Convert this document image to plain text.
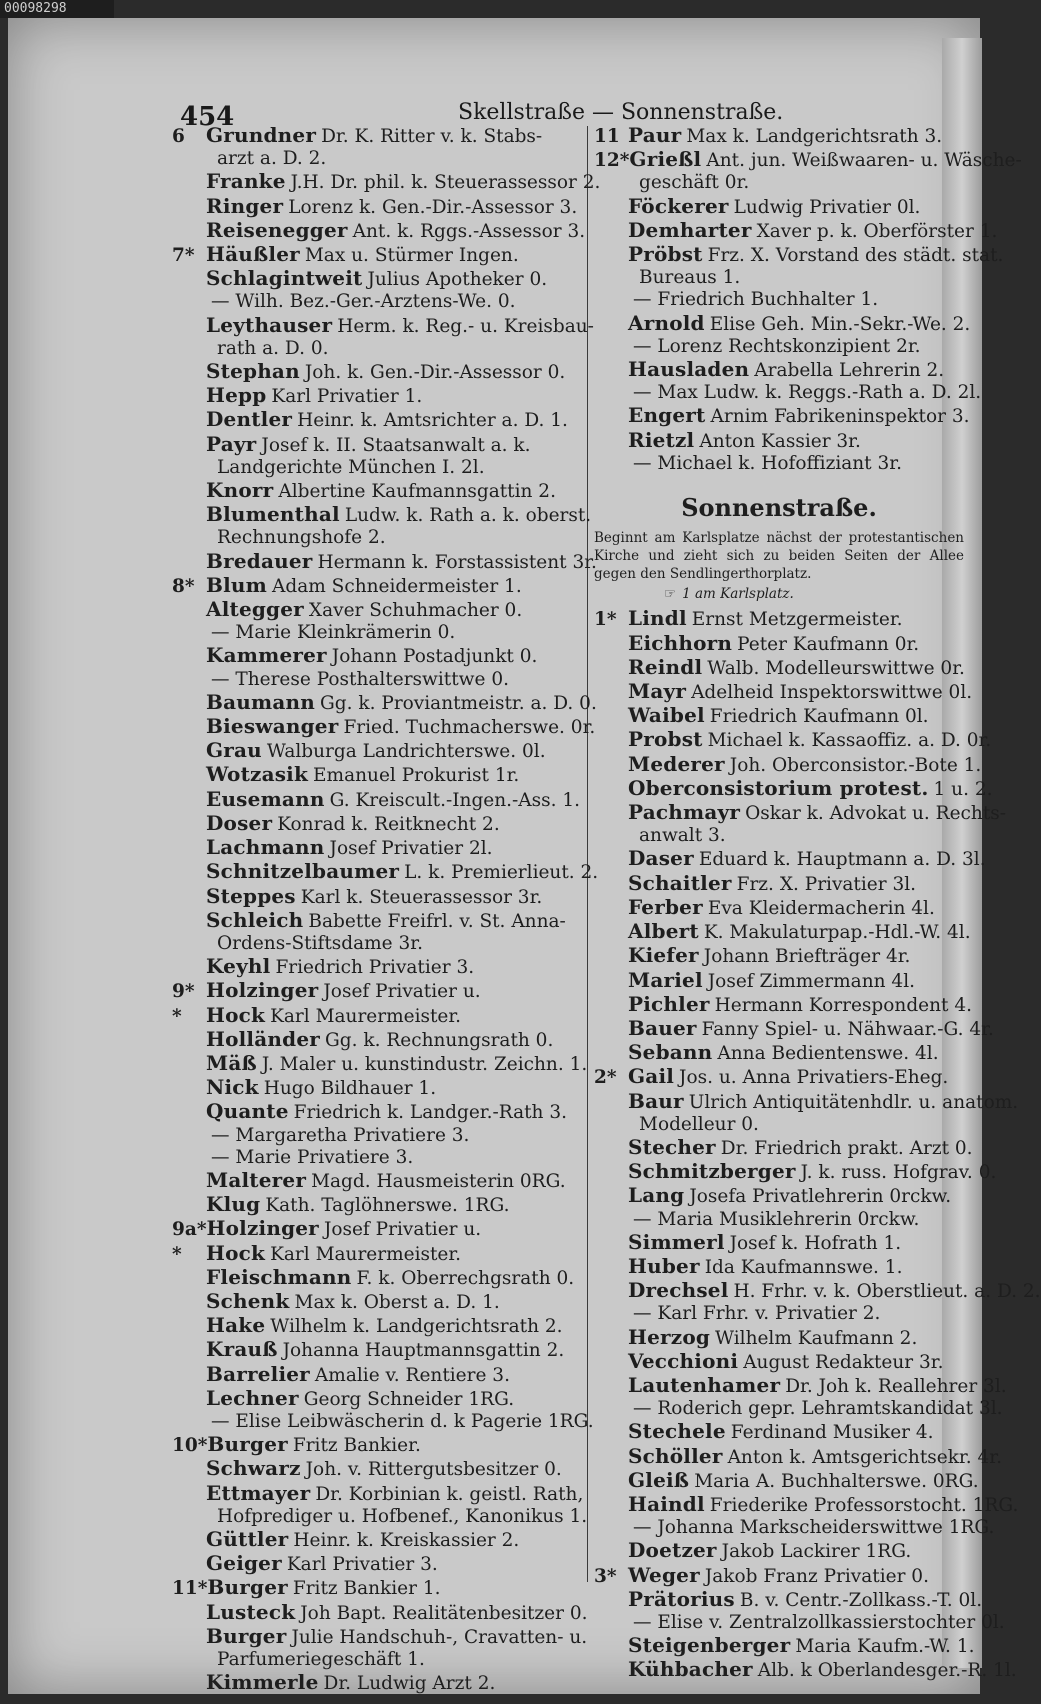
00098298
454	Skellstraße — Sonnenstraße.
6 Grundner Dr. K. Ritter v. k. Stabs-
arzt a. D. 2.
Franke J.H. Dr. phil. k. Steuerassessor 2.
Ringer Lorenz k. Gen.-Dir.-Assessor 3.
Reisenegger Ant. k. Rggs.-Assessor 3.
7* Häußler Max u. Stürmer Ingen.
Schlagintweit Julius Apotheker 0.
— Wilh. Bez.-Ger.-Arztens-We. 0.
Leythauser Herm. k. Reg.- u. Kreisbau-
rath a. D. 0.
Stephan Joh. k. Gen.-Dir.-Assessor 0.
Hepp Karl Privatier 1.
Dentler Heinr. k. Amtsrichter a. D. 1.
Payr Josef k. II. Staatsanwalt a. k.
Landgerichte München I. 2l.
Knorr Albertine Kaufmannsgattin 2.
Blumenthal Ludw. k. Rath a. k. oberst.
Rechnungshofe 2.
Bredauer Hermann k. Forstassistent 3r.
8* Blum Adam Schneidermeister 1.
Altegger Xaver Schuhmacher 0.
— Marie Kleinkrämerin 0.
Kammerer Johann Postadjunkt 0.
— Therese Posthalterswittwe 0.
Baumann Gg. k. Proviantmeistr. a. D. 0.
Bieswanger Fried. Tuchmacherswe. 0r.
Grau Walburga Landrichterswe. 0l.
Wotzasik Emanuel Prokurist 1r.
Eusemann G. Kreiscult.-Ingen.-Ass. 1.
Doser Konrad k. Reitknecht 2.
Lachmann Josef Privatier 2l.
Schnitzelbaumer L. k. Premierlieut. 2.
Steppes Karl k. Steuerassessor 3r.
Schleich Babette Freifrl. v. St. Anna-
Ordens-Stiftsdame 3r.
Keyhl Friedrich Privatier 3.
9* Holzinger Josef Privatier u.
* Hock Karl Maurermeister.
Holländer Gg. k. Rechnungsrath 0.
Mäß J. Maler u. kunstindustr. Zeichn. 1.
Nick Hugo Bildhauer 1.
Quante Friedrich k. Landger.-Rath 3.
— Margaretha Privatiere 3.
— Marie Privatiere 3.
Malterer Magd. Hausmeisterin 0RG.
Klug Kath. Taglöhnerswe. 1RG.
9a*Holzinger Josef Privatier u.
* Hock Karl Maurermeister.
Fleischmann F. k. Oberrechgsrath 0.
Schenk Max k. Oberst a. D. 1.
Hake Wilhelm k. Landgerichtsrath 2.
Krauß Johanna Hauptmannsgattin 2.
Barrelier Amalie v. Rentiere 3.
Lechner Georg Schneider 1RG.
— Elise Leibwäscherin d. k Pagerie 1RG.
10*Burger Fritz Bankier.
Schwarz Joh. v. Rittergutsbesitzer 0.
Ettmayer Dr. Korbinian k. geistl. Rath,
Hofprediger u. Hofbenef., Kanonikus 1.
Güttler Heinr. k. Kreiskassier 2.
Geiger Karl Privatier 3.
11*Burger Fritz Bankier 1.
Lusteck Joh Bapt. Realitätenbesitzer 0.
Burger Julie Handschuh-, Cravatten- u.
Parfumeriegeschäft 1.
Kimmerle Dr. Ludwig Arzt 2.
11 Paur Max k. Landgerichtsrath 3.
12*Grießl Ant. jun. Weißwaaren- u. Wäsche-
geschäft 0r.
Föckerer Ludwig Privatier 0l.
Demharter Xaver p. k. Oberförster 1.
Pröbst Frz. X. Vorstand des städt. stat.
Bureaus 1.
— Friedrich Buchhalter 1.
Arnold Elise Geh. Min.-Sekr.-We. 2.
— Lorenz Rechtskonzipient 2r.
Hausladen Arabella Lehrerin 2.
— Max Ludw. k. Reggs.-Rath a. D. 2l.
Engert Arnim Fabrikeninspektor 3.
Rietzl Anton Kassier 3r.
— Michael k. Hofoffiziant 3r.
Sonnenstraße.
Beginnt am Karlsplatze nächst der protestantischen Kirche und zieht sich zu beiden Seiten der Allee gegen den Sendlingerthorplatz.
☞ 1 am Karlsplatz.
1* Lindl Ernst Metzgermeister.
Eichhorn Peter Kaufmann 0r.
Reindl Walb. Modelleurswittwe 0r.
Mayr Adelheid Inspektorswittwe 0l.
Waibel Friedrich Kaufmann 0l.
Probst Michael k. Kassaoffiz. a. D. 0r.
Mederer Joh. Oberconsistor.-Bote 1.
Oberconsistorium protest. 1 u. 2.
Pachmayr Oskar k. Advokat u. Rechts-
anwalt 3.
Daser Eduard k. Hauptmann a. D. 3l.
Schaitler Frz. X. Privatier 3l.
Ferber Eva Kleidermacherin 4l.
Albert K. Makulaturpap.-Hdl.-W. 4l.
Kiefer Johann Briefträger 4r.
Mariel Josef Zimmermann 4l.
Pichler Hermann Korrespondent 4.
Bauer Fanny Spiel- u. Nähwaar.-G. 4r.
Sebann Anna Bedientenswe. 4l.
2* Gail Jos. u. Anna Privatiers-Eheg.
Baur Ulrich Antiquitätenhdlr. u. anatom.
Modelleur 0.
Stecher Dr. Friedrich prakt. Arzt 0.
Schmitzberger J. k. russ. Hofgrav. 0.
Lang Josefa Privatlehrerin 0rckw.
— Maria Musiklehrerin 0rckw.
Simmerl Josef k. Hofrath 1.
Huber Ida Kaufmannswe. 1.
Drechsel H. Frhr. v. k. Oberstlieut. a. D. 2.
— Karl Frhr. v. Privatier 2.
Herzog Wilhelm Kaufmann 2.
Vecchioni August Redakteur 3r.
Lautenhamer Dr. Joh k. Reallehrer 3l.
— Roderich gepr. Lehramtskandidat 3l.
Stechele Ferdinand Musiker 4.
Schöller Anton k. Amtsgerichtsekr. 4r.
Gleiß Maria A. Buchhalterswe. 0RG.
Haindl Friederike Professorstocht. 1RG.
— Johanna Markscheiderswittwe 1RG.
Doetzer Jakob Lackirer 1RG.
3* Weger Jakob Franz Privatier 0.
Prätorius B. v. Centr.-Zollkass.-T. 0l.
— Elise v. Zentralzollkassierstochter 0l.
Steigenberger Maria Kaufm.-W. 1.
Kühbacher Alb. k Oberlandesger.-R. 1l.
